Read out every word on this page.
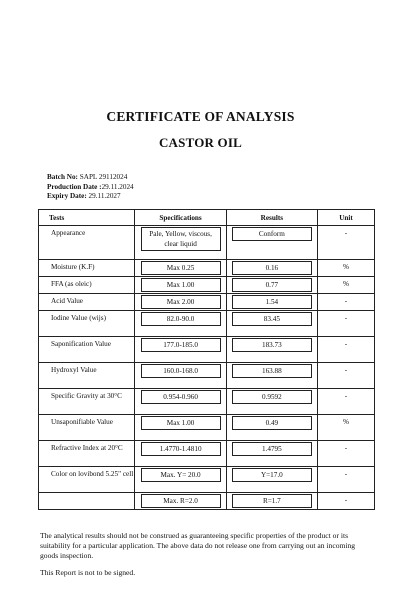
CERTIFICATE OF ANALYSIS
CASTOR OIL
Batch No: SAPL 29112024
Production Date :29.11.2024
Expiry Date: 29.11.2027
Tests	Specifications	Results	Unit
Appearance	Pale, Yellow, viscous, clear liquid	Conform	-
Moisture (K.F)	Max 0.25	0.16	%
FFA (as oleic)	Max 1.00	0.77	%
Acid Value	Max 2.00	1.54	-
Iodine Value (wijs)	82.0-90.0	83.45	-
Saponification Value	177.0-185.0	183.73	-
Hydroxyl Value	160.0-168.0	163.88	-
Specific Gravity at 30°C	0.954-0.960	0.9592	-
Unsaponifiable Value	Max 1.00	0.49	%
Refractive Index at 20°C	1.4770-1.4810	1.4795	-
Color on lovibond 5.25" cell	Max. Y= 20.0	Y=17.0	-

	Max. R=2.0	R=1.7	-
The analytical results should not be construed as guaranteeing specific properties of the product or its suitability for a particular application. The above data do not release one from carrying out an incoming goods inspection.
This Report is not to be signed.
